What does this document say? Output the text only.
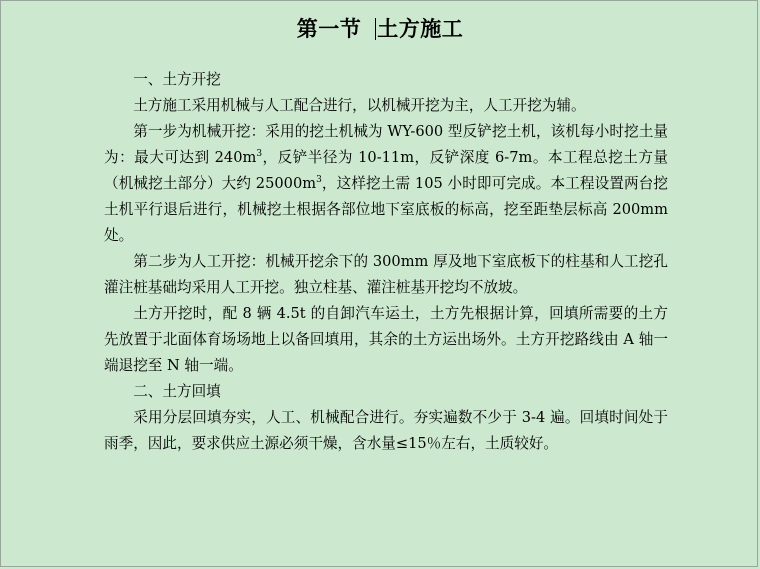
第一节 土方施工

一、土方开挖

土方施工采用机械与人工配合进行，以机械开挖为主，人工开挖为辅。

第一步为机械开挖：采用的挖土机械为 WY-600 型反铲挖土机，该机每小时挖土量为：最大可达到 $240m^3$，反铲半径为 10-11m，反铲深度 6-7m。本工程总挖土方量（机械挖土部分）大约 $25000m^3$，这样挖土需 105 小时即可完成。本工程设置两台挖土机平行退后进行，机械挖土根据各部位地下室底板的标高，挖至距垫层标高 200mm 处。

第二步为人工开挖：机械开挖余下的 300mm 厚及地下室底板下的柱基和人工挖孔灌注桩基础均采用人工开挖。独立柱基、灌注桩基开挖均不放坡。

土方开挖时，配 8 辆 4.5t 的自卸汽车运土，土方先根据计算，回填所需要的土方先放置于北面体育场场地上以备回填用，其余的土方运出场外。土方开挖路线由 A 轴一端退挖至 N 轴一端。

二、土方回填

采用分层回填夯实，人工、机械配合进行。夯实遍数不少于 3-4 遍。回填时间处于雨季，因此，要求供应土源必须干燥，含水量≤15％左右，土质较好。
